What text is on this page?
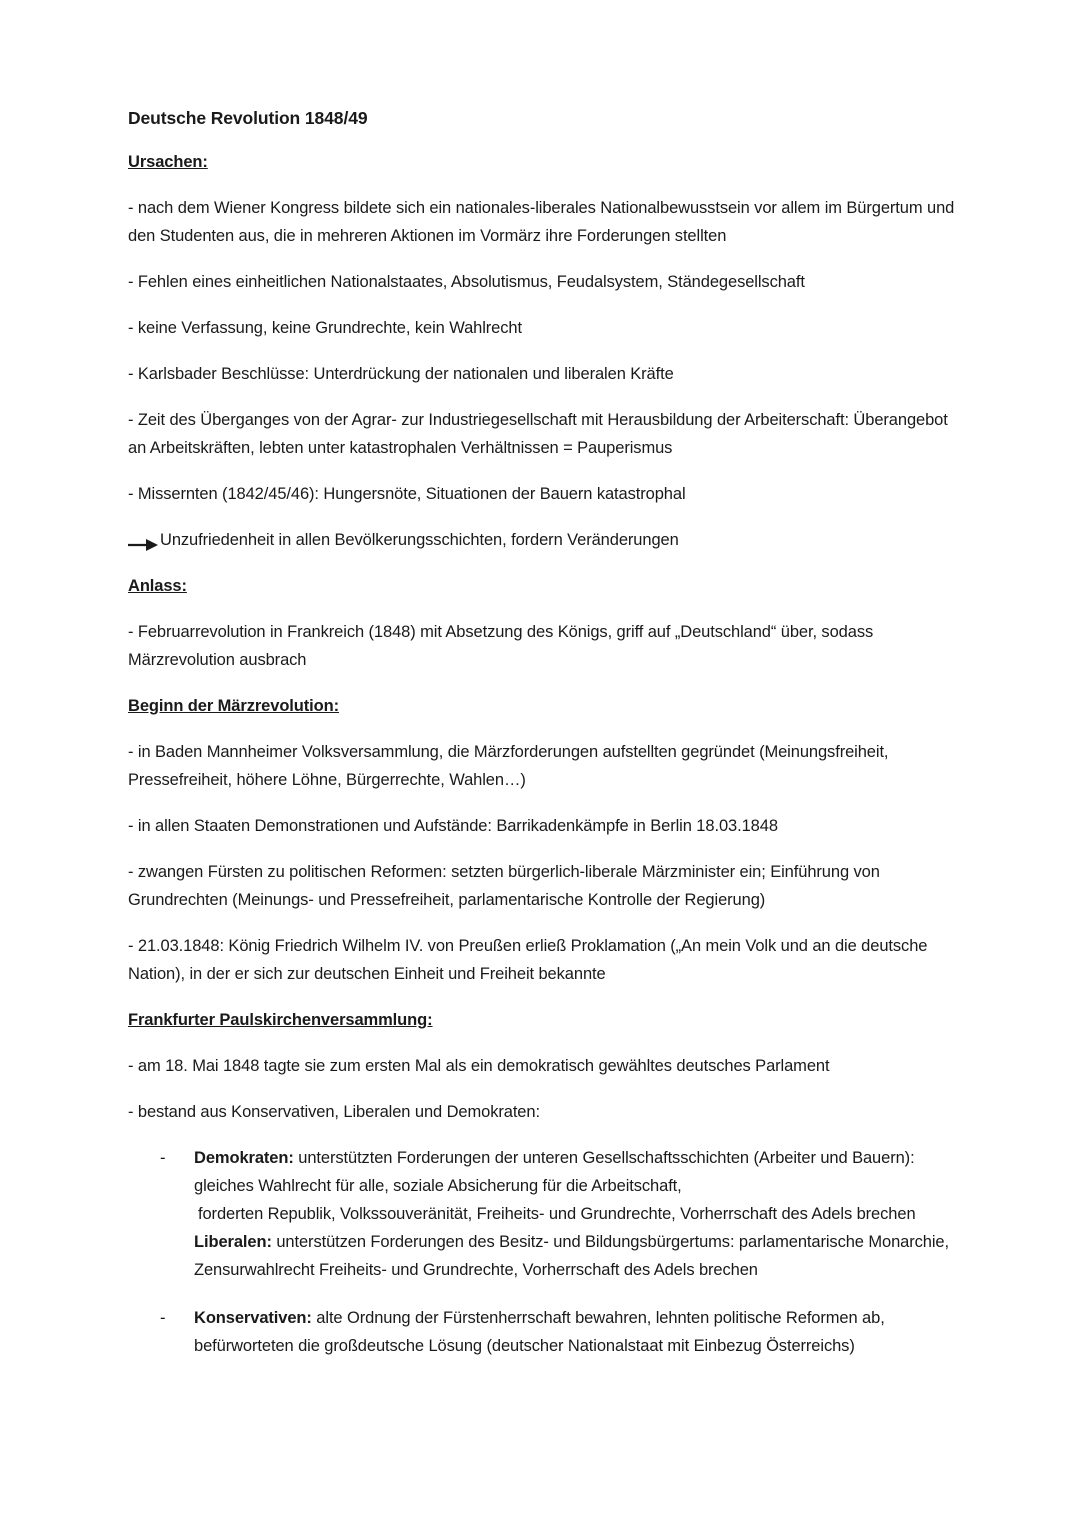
Deutsche Revolution 1848/49
Ursachen:
- nach dem Wiener Kongress bildete sich ein nationales-liberales Nationalbewusstsein vor allem im Bürgertum und den Studenten aus, die in mehreren Aktionen im Vormärz ihre Forderungen stellten
- Fehlen eines einheitlichen Nationalstaates, Absolutismus, Feudalsystem, Ständegesellschaft
- keine Verfassung, keine Grundrechte, kein Wahlrecht
- Karlsbader Beschlüsse: Unterdrückung der nationalen und liberalen Kräfte
- Zeit des Überganges von der Agrar- zur Industriegesellschaft mit Herausbildung der Arbeiterschaft: Überangebot an Arbeitskräften, lebten unter katastrophalen Verhältnissen = Pauperismus
- Missernten (1842/45/46): Hungersnöte, Situationen der Bauern katastrophal
Unzufriedenheit in allen Bevölkerungsschichten, fordern Veränderungen
Anlass:
- Februarrevolution in Frankreich (1848) mit Absetzung des Königs, griff auf „Deutschland“ über, sodass Märzrevolution ausbrach
Beginn der Märzrevolution:
- in Baden Mannheimer Volksversammlung, die Märzforderungen aufstellten gegründet (Meinungsfreiheit, Pressefreiheit, höhere Löhne, Bürgerrechte, Wahlen…)
- in allen Staaten Demonstrationen und Aufstände: Barrikadenkämpfe in Berlin 18.03.1848
- zwangen Fürsten zu politischen Reformen: setzten bürgerlich-liberale Märzminister ein; Einführung von Grundrechten (Meinungs- und Pressefreiheit, parlamentarische Kontrolle der Regierung)
- 21.03.1848: König Friedrich Wilhelm IV. von Preußen erließ Proklamation („An mein Volk und an die deutsche Nation), in der er sich zur deutschen Einheit und Freiheit bekannte
Frankfurter Paulskirchenversammlung:
- am 18. Mai 1848 tagte sie zum ersten Mal als ein demokratisch gewähltes deutsches Parlament
- bestand aus Konservativen, Liberalen und Demokraten:
- Demokraten: unterstützten Forderungen der unteren Gesellschaftsschichten (Arbeiter und Bauern): gleiches Wahlrecht für alle, soziale Absicherung für die Arbeitschaft,
forderten Republik, Volkssouveränität, Freiheits- und Grundrechte, Vorherrschaft des Adels brechen
Liberalen: unterstützen Forderungen des Besitz- und Bildungsbürgertums: parlamentarische Monarchie, Zensurwahlrecht Freiheits- und Grundrechte, Vorherrschaft des Adels brechen
- Konservativen: alte Ordnung der Fürstenherrschaft bewahren, lehnten politische Reformen ab, befürworteten die großdeutsche Lösung (deutscher Nationalstaat mit Einbezug Österreichs)
